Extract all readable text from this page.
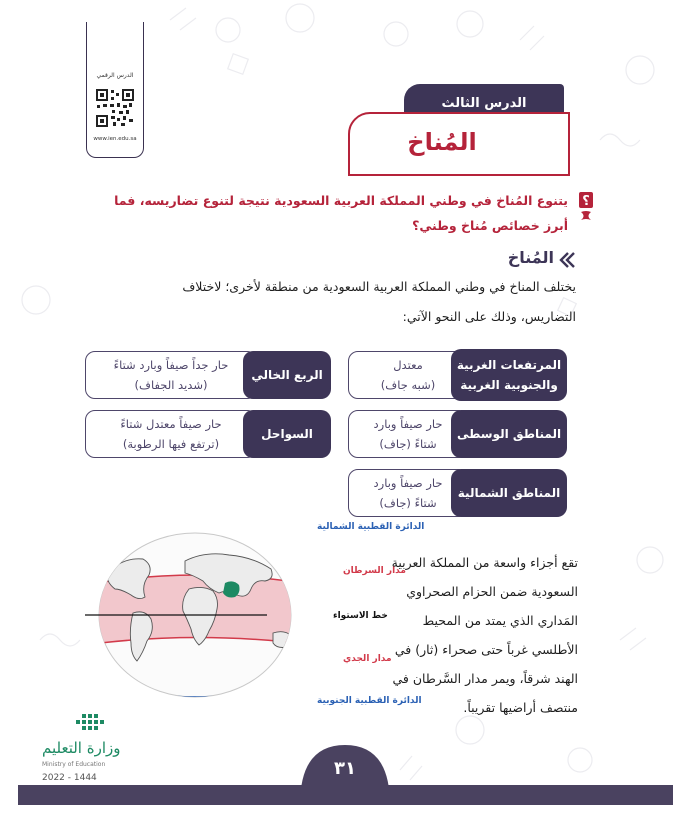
الدرس الرقمي
www.ien.edu.sa
الدرس الثالث
المُناخ
؟
يتنوع المُناخ في وطني المملكة العربية السعودية نتيجة لتنوع تضاريسه، فما
أبرز خصائص مُناخ وطني؟
المُناخ
يختلف المناخ في وطني المملكة العربية السعودية من منطقة لأخرى؛ لاختلاف
التضاريس، وذلك على النحو الآتي:
معتدل
(شبه جاف)
المرتفعات الغربية
والجنوبية الغربية
حار جداً صيفاً وبارد شتاءً
(شديد الجفاف)
الربع الخالي
حار صيفاً وبارد
شتاءً (جاف)
المناطق الوسطى
حار صيفاً معتدل شتاءً
(ترتفع فيها الرطوبة)
السواحل
حار صيفاً وبارد
شتاءً (جاف)
المناطق الشمالية
الدائرة القطبية الشمالية
مدار السرطان
خط الاستواء
مدار الجدي
الدائرة القطبية الجنوبية
تقع أجزاء واسعة من المملكة العربية
السعودية ضمن الحزام الصحراوي
المَداري الذي يمتد من المحيط
الأطلسي غرباً حتى صحراء (ثار) في
الهند شرقاً، ويمر مدار السَّرطان في
منتصف أراضيها تقريباً.
وزارة التعليم
Ministry of Education
2022 - 1444	٣١
